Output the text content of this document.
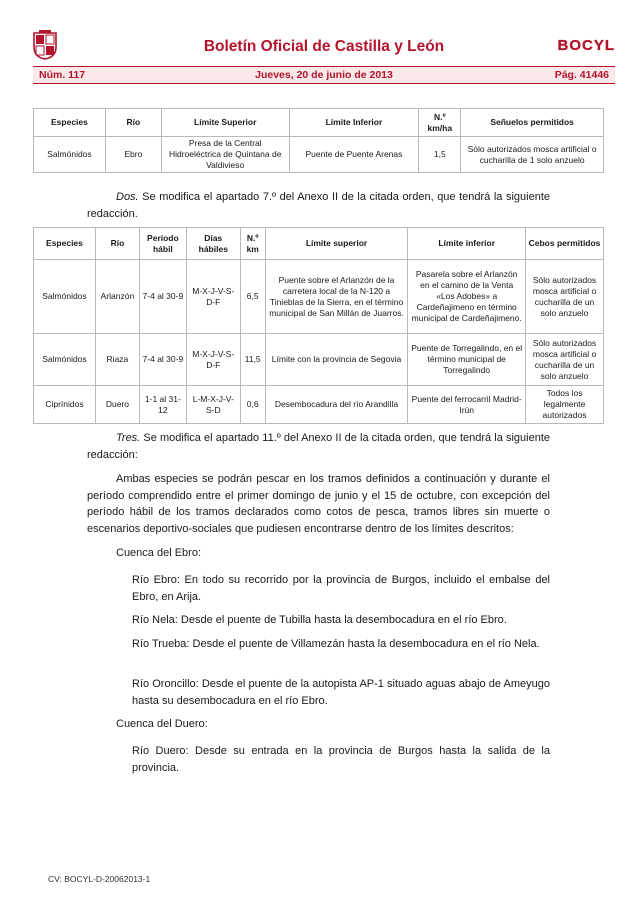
Boletín Oficial de Castilla y León	BOCYL
Núm. 117	Jueves, 20 de junio de 2013	Pág. 41446
Especies	Río	Límite Superior	Límite Inferior	N.º km/ha	Señuelos permitidos
Salmónidos	Ebro	Presa de la Central Hidroeléctrica de Quintana de Valdivieso	Puente de Puente Arenas	1,5	Sólo autorizados mosca artificial o cucharilla de 1 solo anzuelo

Dos. Se modifica el apartado 7.º del Anexo II de la citada orden, que tendrá la siguiente redacción.

Especies	Río	Período hábil	Días hábiles	N.º km	Límite superior	Límite inferior	Cebos permitidos
Salmónidos	Arlanzón	7-4 al 30-9	M-X-J-V-S-D-F	6,5	Puente sobre el Arlanzón de la carretera local de la N-120 a Tinieblas de la Sierra, en el término municipal de San Millán de Juarros.	Pasarela sobre el Arlanzón en el camino de la Venta «Los Adobes» a Cardeñajimeno en término municipal de Cardeñajimeno.	Sólo autorizados mosca artificial o cucharilla de un solo anzuelo
Salmónidos	Riaza	7-4 al 30-9	M-X-J-V-S-D-F	11,5	Límite con la provincia de Segovia	Puente de Torregalindo, en el término municipal de Torregalindo	Sólo autorizados mosca artificial o cucharilla de un solo anzuelo
Ciprínidos	Duero	1-1 al 31-12	L-M-X-J-V-S-D	0,6	Desembocadura del río Arandilla	Puente del ferrocarril Madrid-Irún	Todos los legalmente autorizados

Tres. Se modifica el apartado 11.º del Anexo II de la citada orden, que tendrá la siguiente redacción:

Ambas especies se podrán pescar en los tramos definidos a continuación y durante el período comprendido entre el primer domingo de junio y el 15 de octubre, con excepción del período hábil de los tramos declarados como cotos de pesca, tramos libres sin muerte o escenarios deportivo-sociales que pudiesen encontrarse dentro de los límites descritos:

Cuenca del Ebro:

Río Ebro: En todo su recorrido por la provincia de Burgos, incluido el embalse del Ebro, en Arija.

Río Nela: Desde el puente de Tubilla hasta la desembocadura en el río Ebro.

Río Trueba: Desde el puente de Villamezán hasta la desembocadura en el río Nela.

Río Oroncillo: Desde el puente de la autopista AP-1 situado aguas abajo de Ameyugo hasta su desembocadura en el río Ebro.

Cuenca del Duero:

Río Duero: Desde su entrada en la provincia de Burgos hasta la salida de la provincia.

CV: BOCYL-D-20062013-1
